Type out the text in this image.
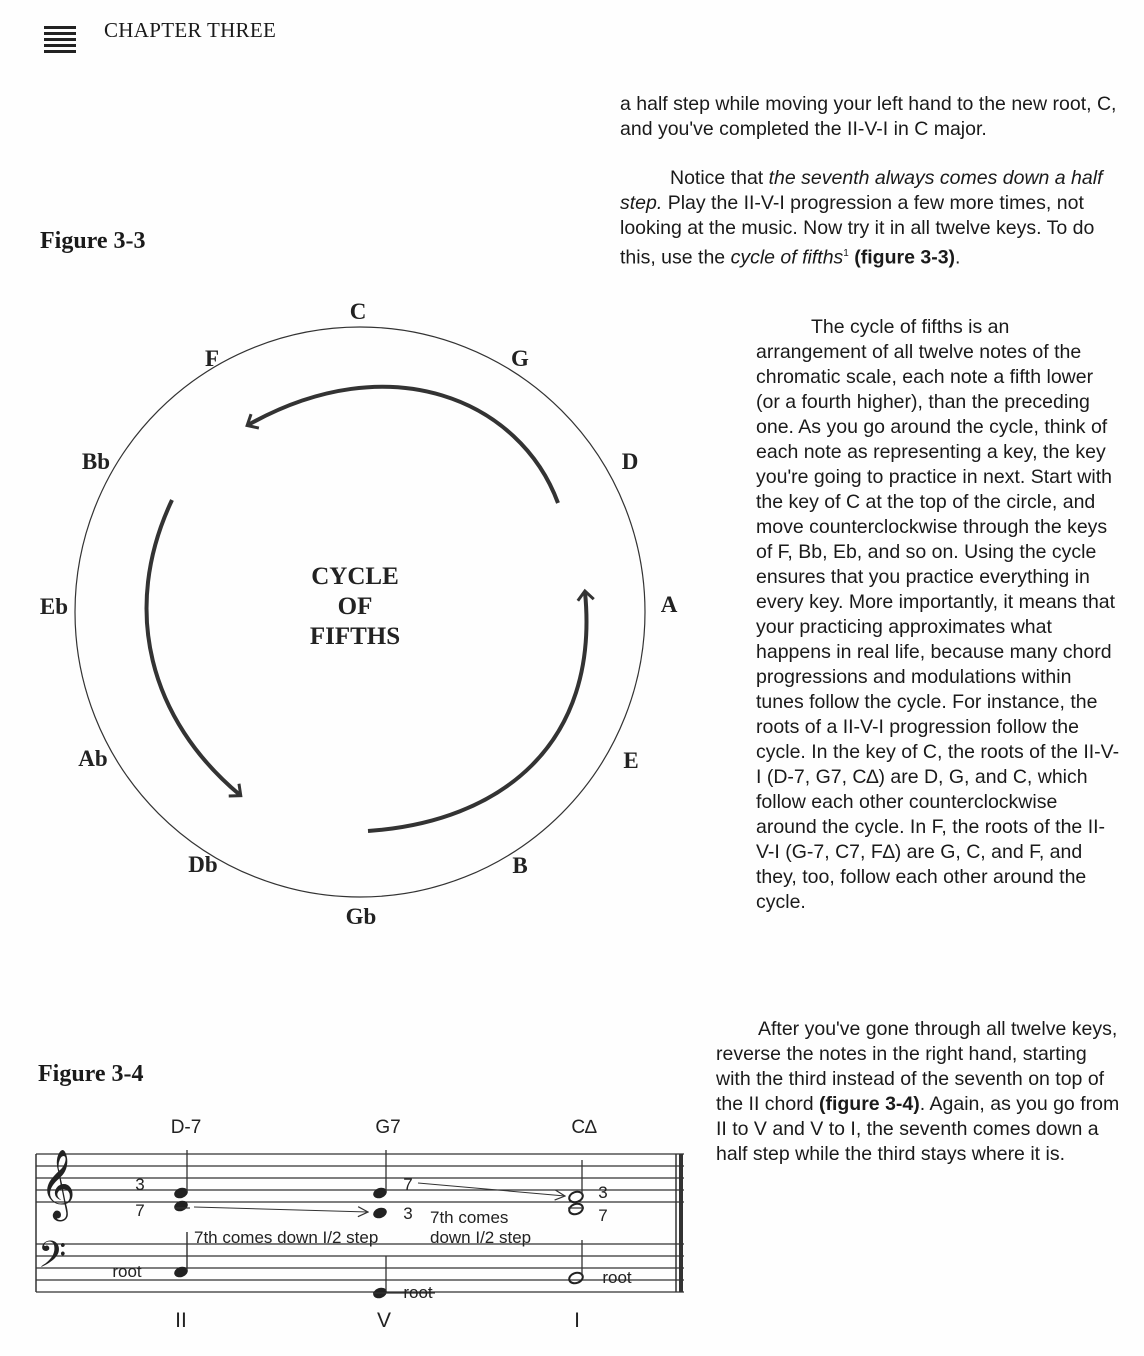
CHAPTER THREE
Figure 3-3
C
G
D
A
E
B
Gb
Db
Ab
Eb
Bb
F
CYCLE
OF
FIFTHS
Figure 3-4
D-7	G7	C∆
𝄞
𝄢
3
7
7
3
3
7
7th comes down I/2 step
7th comes
down I/2 step
root
root
root
II	V	I

a half step while moving your left hand to the new root, C, and you've completed the II-V-I in C major.

Notice that the seventh always comes down a half step. Play the II-V-I progression a few more times, not looking at the music. Now try it in all twelve keys. To do this, use the cycle of fifths$^1$ (figure 3-3).

The cycle of fifths is an arrangement of all twelve notes of the chromatic scale, each note a fifth lower (or a fourth higher), than the preceding one. As you go around the cycle, think of each note as representing a key, the key you're going to practice in next. Start with the key of C at the top of the circle, and move counterclockwise through the keys of F, Bb, Eb, and so on. Using the cycle ensures that you practice everything in every key. More importantly, it means that your practicing approximates what happens in real life, because many chord progressions and modulations within tunes follow the cycle. For instance, the roots of a II-V-I progression follow the cycle. In the key of C, the roots of the II-V-I (D-7, G7, C∆) are D, G, and C, which follow each other counterclockwise around the cycle. In F, the roots of the II-V-I (G-7, C7, F∆) are G, C, and F, and they, too, follow each other around the cycle.

After you've gone through all twelve keys, reverse the notes in the right hand, starting with the third instead of the seventh on top of the II chord (figure 3-4). Again, as you go from II to V and V to I, the seventh comes down a half step while the third stays where it is.
